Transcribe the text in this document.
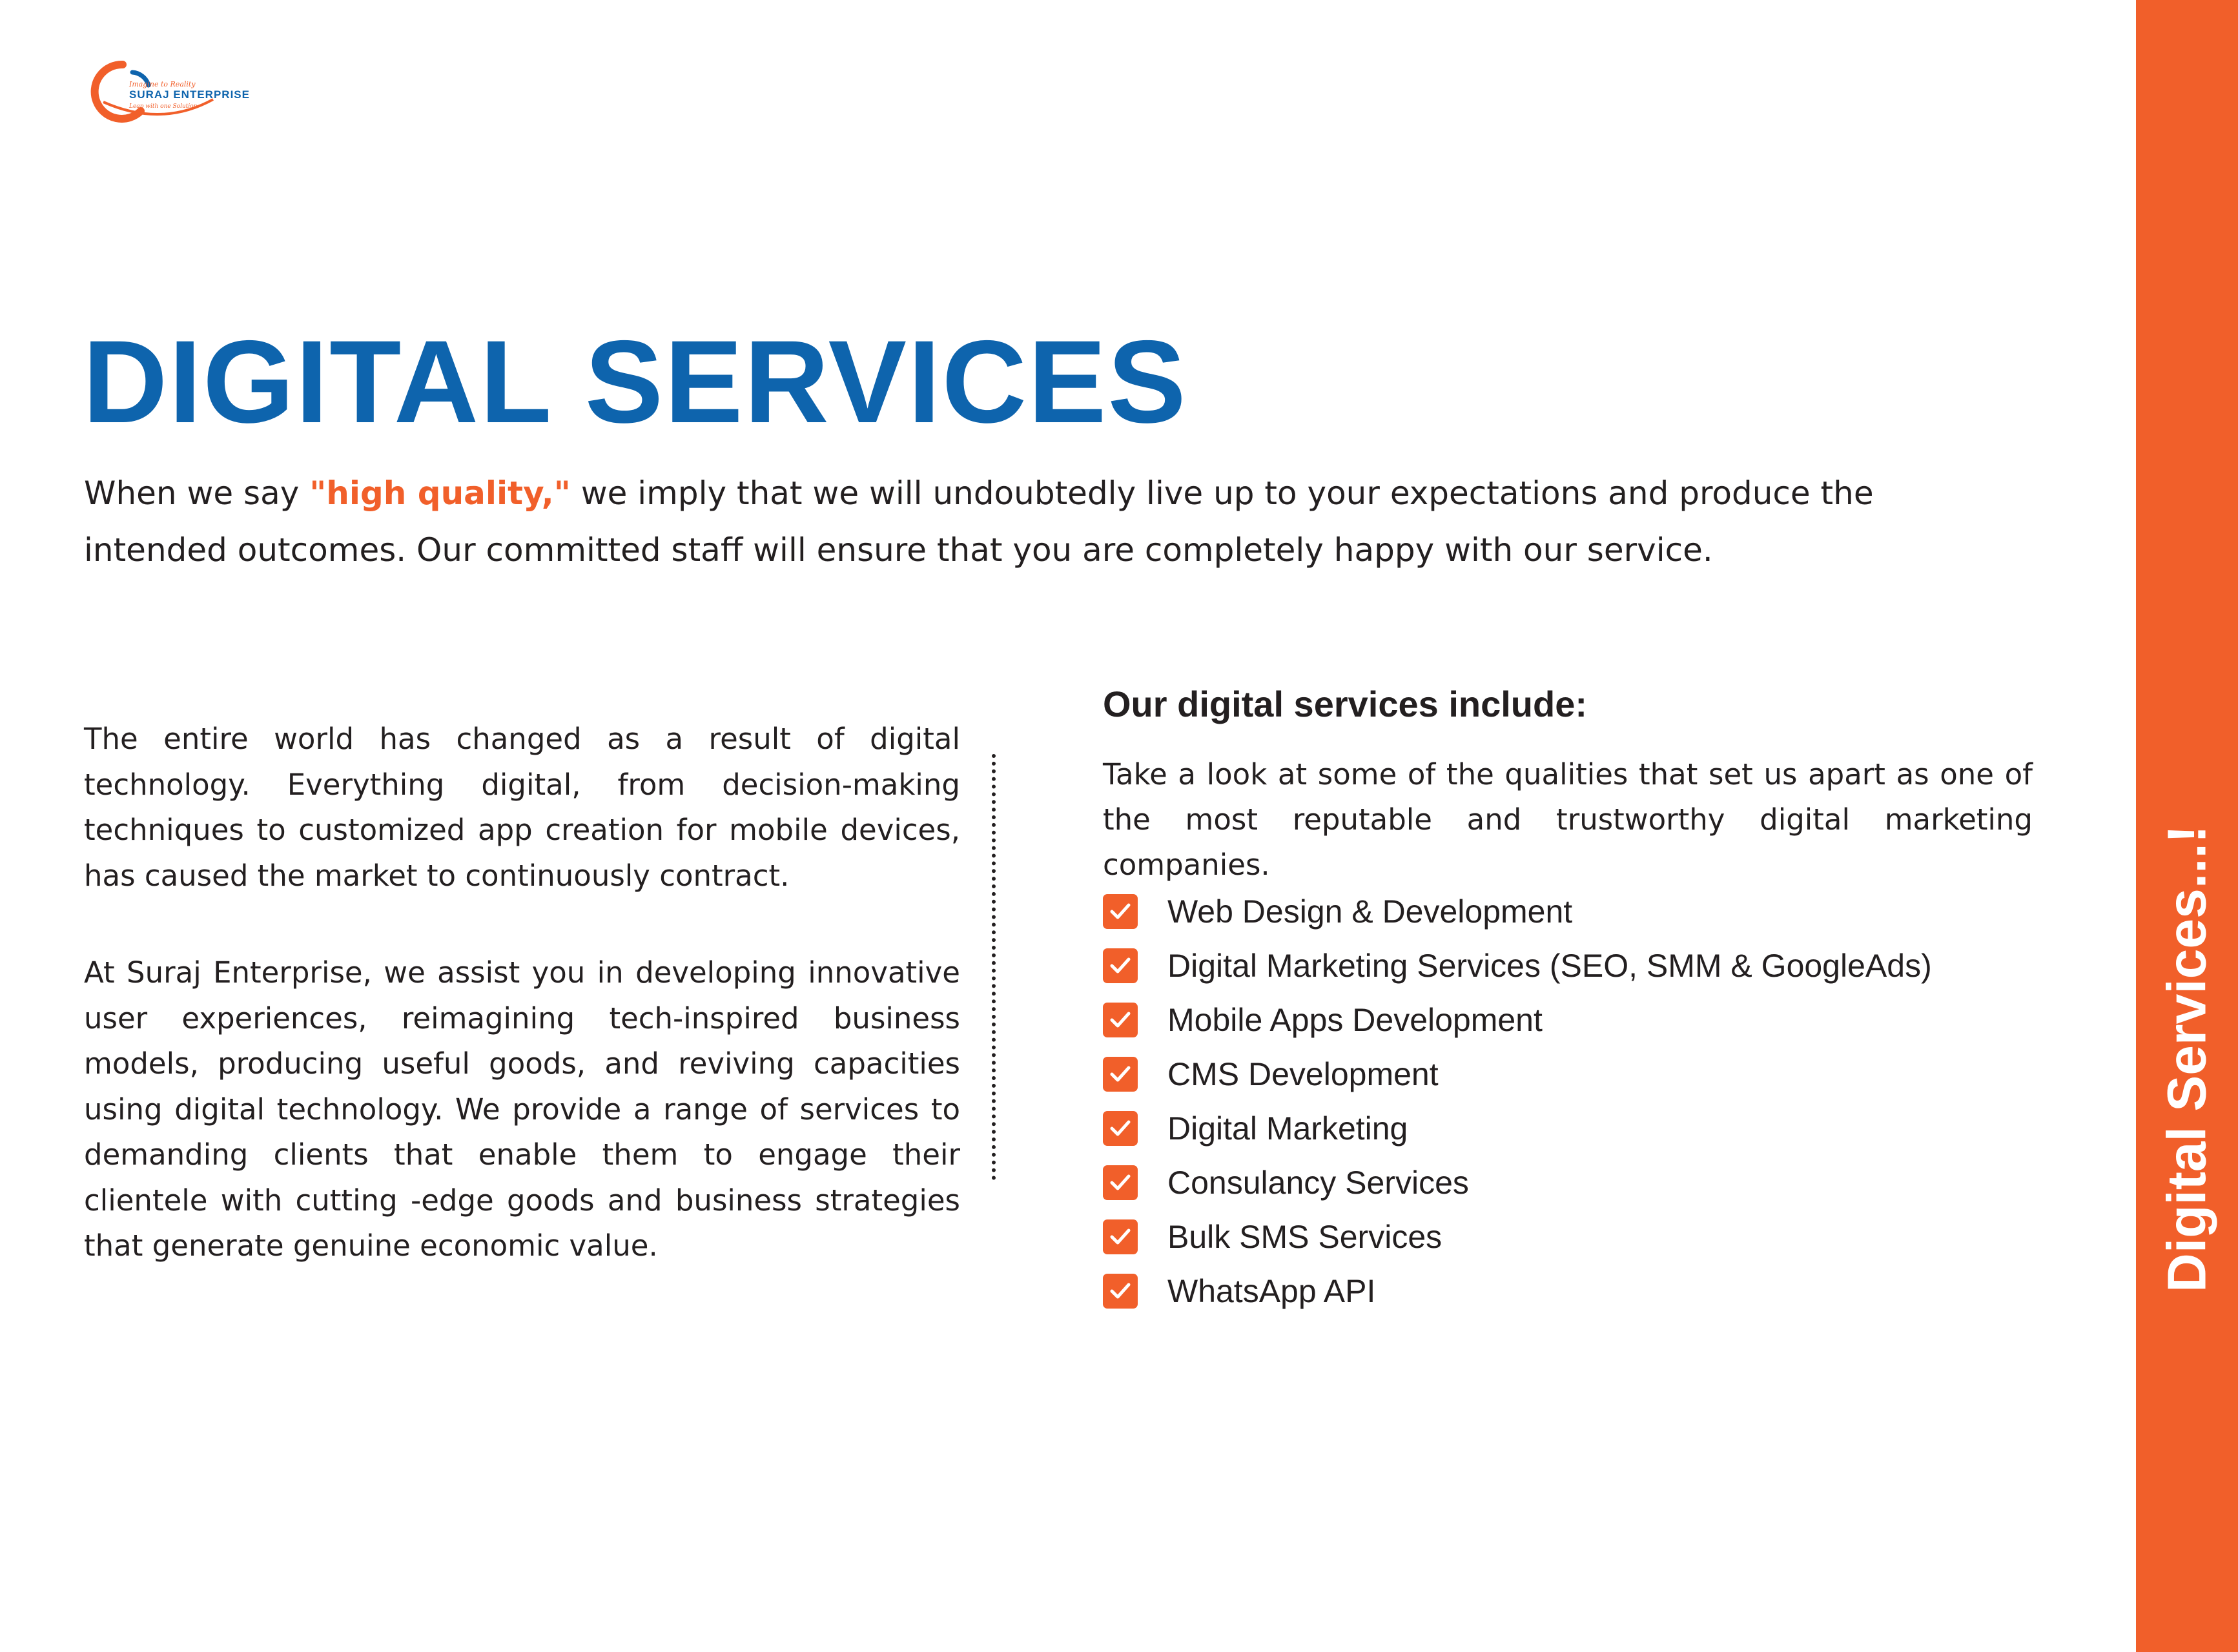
Imagine to Reality
SURAJ ENTERPRISE
Leap with one Solution
DIGITAL SERVICES

When we say "high quality," we imply that we will undoubtedly live up to your expectations and produce the intended outcomes. Our committed staff will ensure that you are completely happy with our service.

The entire world has changed as a result of digital technology. Everything digital, from decision-making techniques to customized app creation for mobile devices, has caused the market to continuously contract.

At Suraj Enterprise, we assist you in developing innovative user experiences, reimagining tech-inspired business models, producing useful goods, and reviving capacities using digital technology. We provide a range of services to demanding clients that enable them to engage their clientele with cutting -edge goods and business strategies that generate genuine economic value.

Our digital services include:

Take a look at some of the qualities that set us apart as one of the most reputable and trustworthy digital marketing companies.

Web Design & Development
Digital Marketing Services (SEO, SMM & GoogleAds)
Mobile Apps Development
CMS Development
Digital Marketing
Consulancy Services
Bulk SMS Services
WhatsApp API	Digital Services...!
